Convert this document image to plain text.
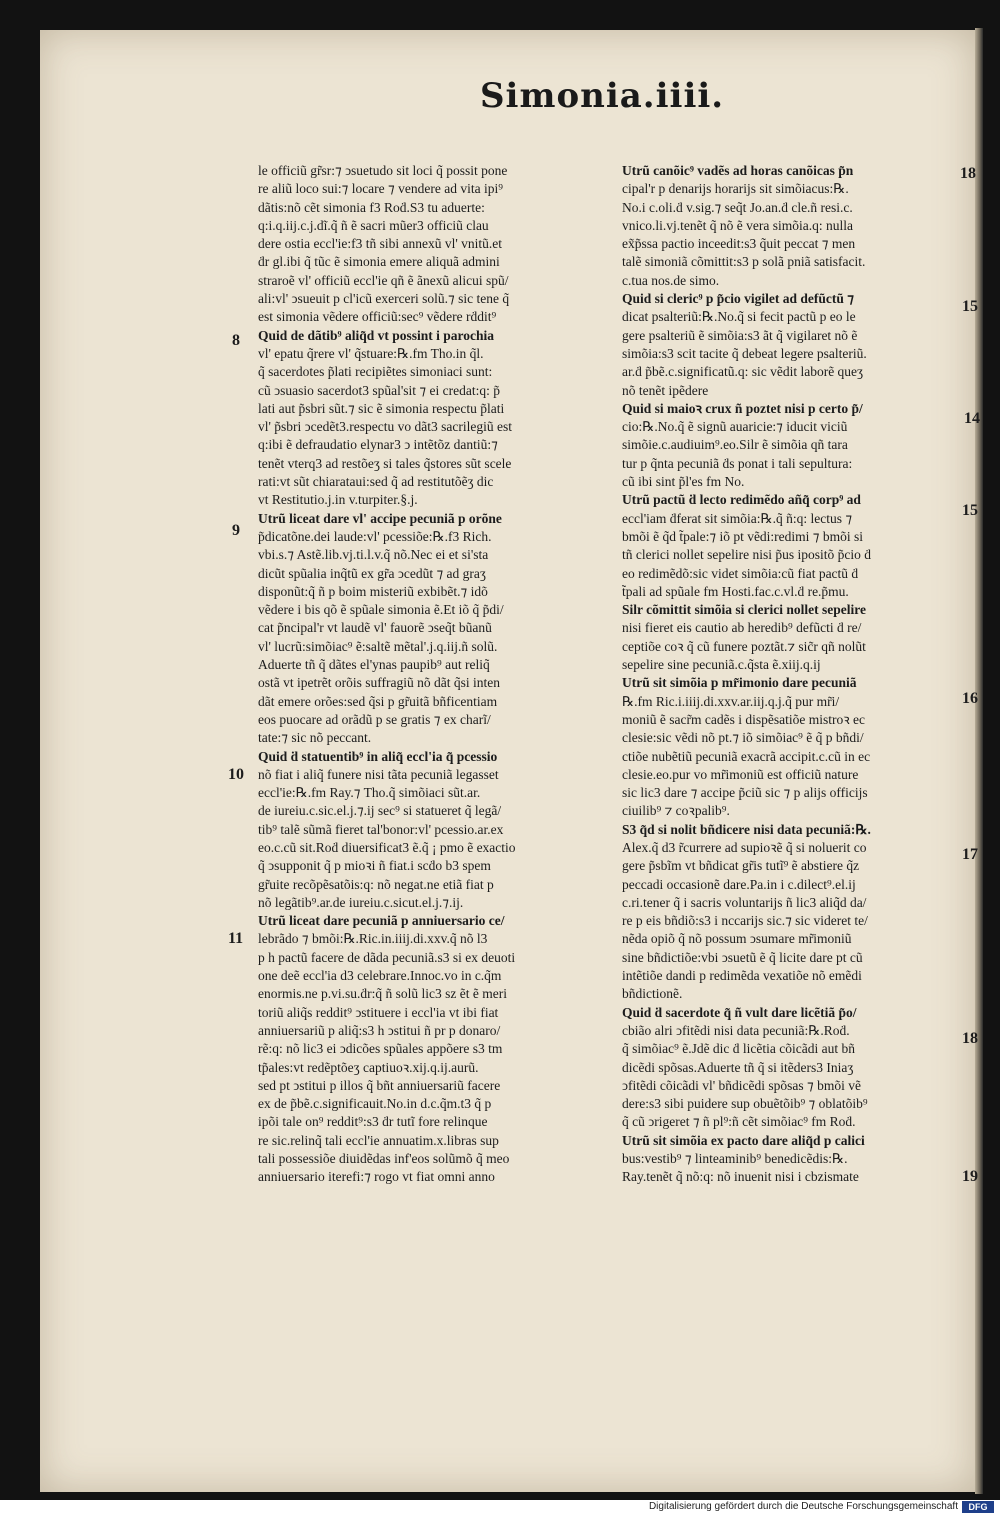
Simonia.iiii.
le officiũ gr̃sr:⁊ ↄsuetudo sit loci q̃ possit pone
re aliũ loco sui:⁊ locare ⁊ vendere ad vita ipi⁹
dãtis:nõ cẽt simonia f3 Roḋ.S3 tu aduerte:
q:i.q.iij.c.j.dĩ.q̃ ñ ẽ sacri mũer3 officiũ clau
dere ostia eccl'ie:f3 tñ sibi annexũ vl' vnitũ.et
ḋr gl.ibi q̃ tũc ẽ simonia emere aliquã admini
straroẽ vl' officiũ eccl'ie qñ ẽ ãnexũ alicui spũ/
ali:vl' ↄsueuit p cl'icũ exerceri solũ.⁊ sic tene q̃
est simonia vẽdere officiũ:sec⁹ vẽdere rḋdit⁹
Quid de dãtib⁹ aliq̃d vt possint i parochia
vl' epatu q̃rere vl' q̃stuare:℞.fm Tho.in q̃l.
q̃ sacerdotes p̃lati recipiẽtes simoniaci sunt:
cũ ↄsuasio sacerdot3 spũal'sit ⁊ ei credat:q: p̃
lati aut p̃sbri sũt.⁊ sic ẽ simonia respectu p̃lati
vl' p̃sbri ↄcedẽt3.respectu vo dãt3 sacrilegiũ est
q:ibi ẽ defraudatio elynar3 ↄ intẽtõz dantiũ:⁊
tenẽt vterq3 ad restõeʒ si tales q̃stores sũt scele
rati:vt sũt chiarataui:sed q̃ ad restitutõẽʒ dic
vt Restitutio.j.in v.turpiter.§.j.
Utrũ liceat dare vl' accipe pecuniã p orõne
p̃dicatõne.dei laude:vl' pcessiõe:℞.f3 Rich.
vbi.s.⁊ Astẽ.lib.vj.ti.l.v.q̃ nõ.Nec ei et si'sta
dicũt spũalia inq̃tũ ex gr̃a ↄcedũt ⁊ ad graʒ
disponũt:q̃ ñ p boim misteriũ exbibẽt.⁊ idõ
vẽdere i bis qõ ẽ spũale simonia ẽ.Et iõ q̃ p̃di/
cat p̃ncipal'r vt laudẽ vl' fauorẽ ↄseq̃t bũanũ
vl' lucrũ:simõiac⁹ ẽ:saltẽ mẽtal'.j.q.iij.ñ solũ.
Aduerte tñ q̃ dãtes el'ynas paupib⁹ aut reliq̃
ostã vt ipetrẽt orõis suffragiũ nõ dãt q̃si inten
dãt emere orões:sed q̃si p gr̃uitã bñficentiam
eos puocare ad orãdũ p se gratis ⁊ ex charĩ/
tate:⁊ sic nõ peccant.
Quid ḋ statuentib⁹ in aliq̃ eccl'ia q̃ pcessio
nõ fiat i aliq̃ funere nisi tãta pecuniã legasset
eccl'ie:℞.fm Ray.⁊ Tho.q̃ simõiaci sũt.ar.
de iureiu.c.sic.el.j.⁊.ij sec⁹ si statueret q̃ legã/
tib⁹ talẽ sũmã fieret tal'bonor:vl' pcessio.ar.ex
eo.c.cũ sit.Roḋ diuersificat3 ẽ.q̃ ¡ pmo ẽ exactio
q̃ ↄsupponit q̃ p mioꝛi ñ fiat.i scḋo b3 spem
gr̃uite recõpẽsatõis:q: nõ negat.ne etiã fiat p
nõ legãtib⁹.ar.de iureiu.c.sicut.el.j.⁊.ij.
Utrũ liceat dare pecuniã p anniuersario ce/
lebrãdo ⁊ bmõi:℞.Ric.in.iiij.di.xxv.q̃ nõ l3
p h pactũ facere de dãda pecuniã.s3 si ex deuoti
one deẽ eccl'ia d3 celebrare.Innoc.vo in c.q̃m
enormis.ne p.vi.su.ḋr:q̃ ñ solũ lic3 sz ẽt ẽ meri
toriũ aliq̃s reddit⁹ ↄstituere i eccl'ia vt ibi fiat
anniuersariũ p aliq̃:s3 h ↄstitui ñ pr p donaro/
rẽ:q: nõ lic3 ei ↄdicões spũales appõere s3 tm
tp̃ales:vt redẽptõeʒ captiuoꝛ.xij.q.ij.aurũ.
sed pt ↄstitui p illos q̃ bñt anniuersariũ facere
ex de p̃bẽ.c.significauit.No.in d.c.q̃m.t3 q̃ p
ipõi tale on⁹ reddit⁹:s3 ḋr tutĩ fore relinque
re sic.relinq̃ tali eccl'ie annuatim.x.libras sup
tali possessiõe diuidẽdas inf'eos solũmõ q̃ meo
anniuersario iterefi:⁊ rogo vt fiat omni anno
Utrũ canõic⁹ vadẽs ad horas canõicas p̃n
cipal'r p denarijs horarijs sit simõiacus:℞.
No.i c.oli.ḋ v.sig.⁊ seq̃t Jo.an.ḋ cle.ñ resi.c.
vnico.li.vj.tenẽt q̃ nõ ẽ vera simõia.q: nulla
ex̃p̃ssa pactio inceedit:s3 q̃uit peccat ⁊ men
talẽ simoniã cõmittit:s3 p solã pniã satisfacit.
c.tua nos.de simo.
Quid si cleric⁹ p p̃cio vigilet ad defũctũ ⁊
dicat psalteriũ:℞.No.q̃ si fecit pactũ p eo le
gere psalteriũ ẽ simõia:s3 ãt q̃ vigilaret nõ ẽ
simõia:s3 scit tacite q̃ debeat legere psalteriũ.
ar.ḋ p̃bẽ.c.significatũ.q: sic vẽdit laborẽ queʒ
nõ tenẽt ipẽdere
Quid si maioꝛ crux ñ poztet nisi p certo p̃/
cio:℞.No.q̃ ẽ signũ auaricie:⁊ iducit viciũ
simõie.c.audiuim⁹.eo.Silr ẽ simõia qñ tara
tur p q̃nta pecuniã ḋs ponat i tali sepultura:
cũ ibi sint p̃l'es fm No.
Utrũ pactũ ḋ lecto redimẽdo añq̃ corp⁹ ad
eccl'iam ḋferat sit simõia:℞.q̃ ñ:q: lectus ⁊
bmõi ẽ q̃d t̃pale:⁊ iõ pt vẽdi:redimi ⁊ bmõi si
tñ clerici nollet sepelire nisi p̃us ipositõ p̃cio ḋ
eo redimẽdõ:sic videt simõia:cũ fiat pactũ ḋ
t̃pali ad spũale fm Hosti.fac.c.vl.ḋ re.p̃mu.
Silr cõmittit simõia si clerici nollet sepelire
nisi fieret eis cautio ab heredib⁹ defũcti ḋ re/
ceptiõe coꝛ q̃ cũ funere poztãt.⁊ sic̃r qñ nolũt
sepelire sine pecuniã.c.q̃sta ẽ.xiij.q.ij
Utrũ sit simõia p mr̃imonio dare pecuniã
℞.fm Ric.i.iiij.di.xxv.ar.iij.q.j.q̃ pur mr̃i/
moniũ ẽ sacr̃m cadẽs i dispẽsatiõe mistroꝛ ec
clesie:sic vẽdi nõ pt.⁊ iõ simõiac⁹ ẽ q̃ p bñdi/
ctiõe nubẽtiũ pecuniã exacrã accipit.c.cũ in ec
clesie.eo.pur vo mr̃imoniũ est officiũ nature
sic lic3 dare ⁊ accipe p̃ciũ sic ⁊ p alijs officijs
ciuilib⁹ ⁊ coꝛpalib⁹.
S3 q̃d si nolit bñdicere nisi data pecuniã:℞.
Alex.q̃ d3 r̃currere ad supioꝛẽ q̃ si noluerit co
gere p̃sbĩm vt bñdicat gr̃is tutĩ⁹ ẽ abstiere q̃z
peccadi occasionẽ dare.Pa.in i c.dilect⁹.el.ij
c.ri.tener q̃ i sacris voluntarijs ñ lic3 aliq̃d da/
re p eis bñdiõ:s3 i nccarijs sic.⁊ sic videret te/
nẽda opiõ q̃ nõ possum ↄsumare mr̃imoniũ
sine bñdictiõe:vbi ↄsuetũ ẽ q̃ licite dare pt cũ
intẽtiõe dandi p redimẽda vexatiõe nõ emẽdi
bñdictionẽ.
Quid ḋ sacerdote q̃ ñ vult dare licẽtiã p̃o/
cbião alri ↄfitẽdi nisi data pecuniã:℞.Roḋ.
q̃ simõiac⁹ ẽ.Jdẽ dic ḋ licẽtia cõicãdi aut bñ
dicẽdi spõsas.Aduerte tñ q̃ si itẽders3 Iniaʒ
ↄfitẽdi cõicãdi vl' bñdicẽdi spõsas ⁊ bmõi vẽ
dere:s3 sibi puidere sup obuẽtõib⁹ ⁊ oblatõib⁹
q̃ cũ ↄrigeret ⁊ ñ pl⁹:ñ cẽt simõiac⁹ fm Roḋ.
Utrũ sit simõia ex pacto dare aliq̃d p calici
bus:vestib⁹ ⁊ linteaminib⁹ benedicẽdis:℞.
Ray.tenẽt q̃ nõ:q: nõ inuenit nisi i cbzismate
8
9
10
11
18
15
14
15
16
17
18
19
Digitalisierung gefördert durch die Deutsche Forschungsgemeinschaft	DFG
